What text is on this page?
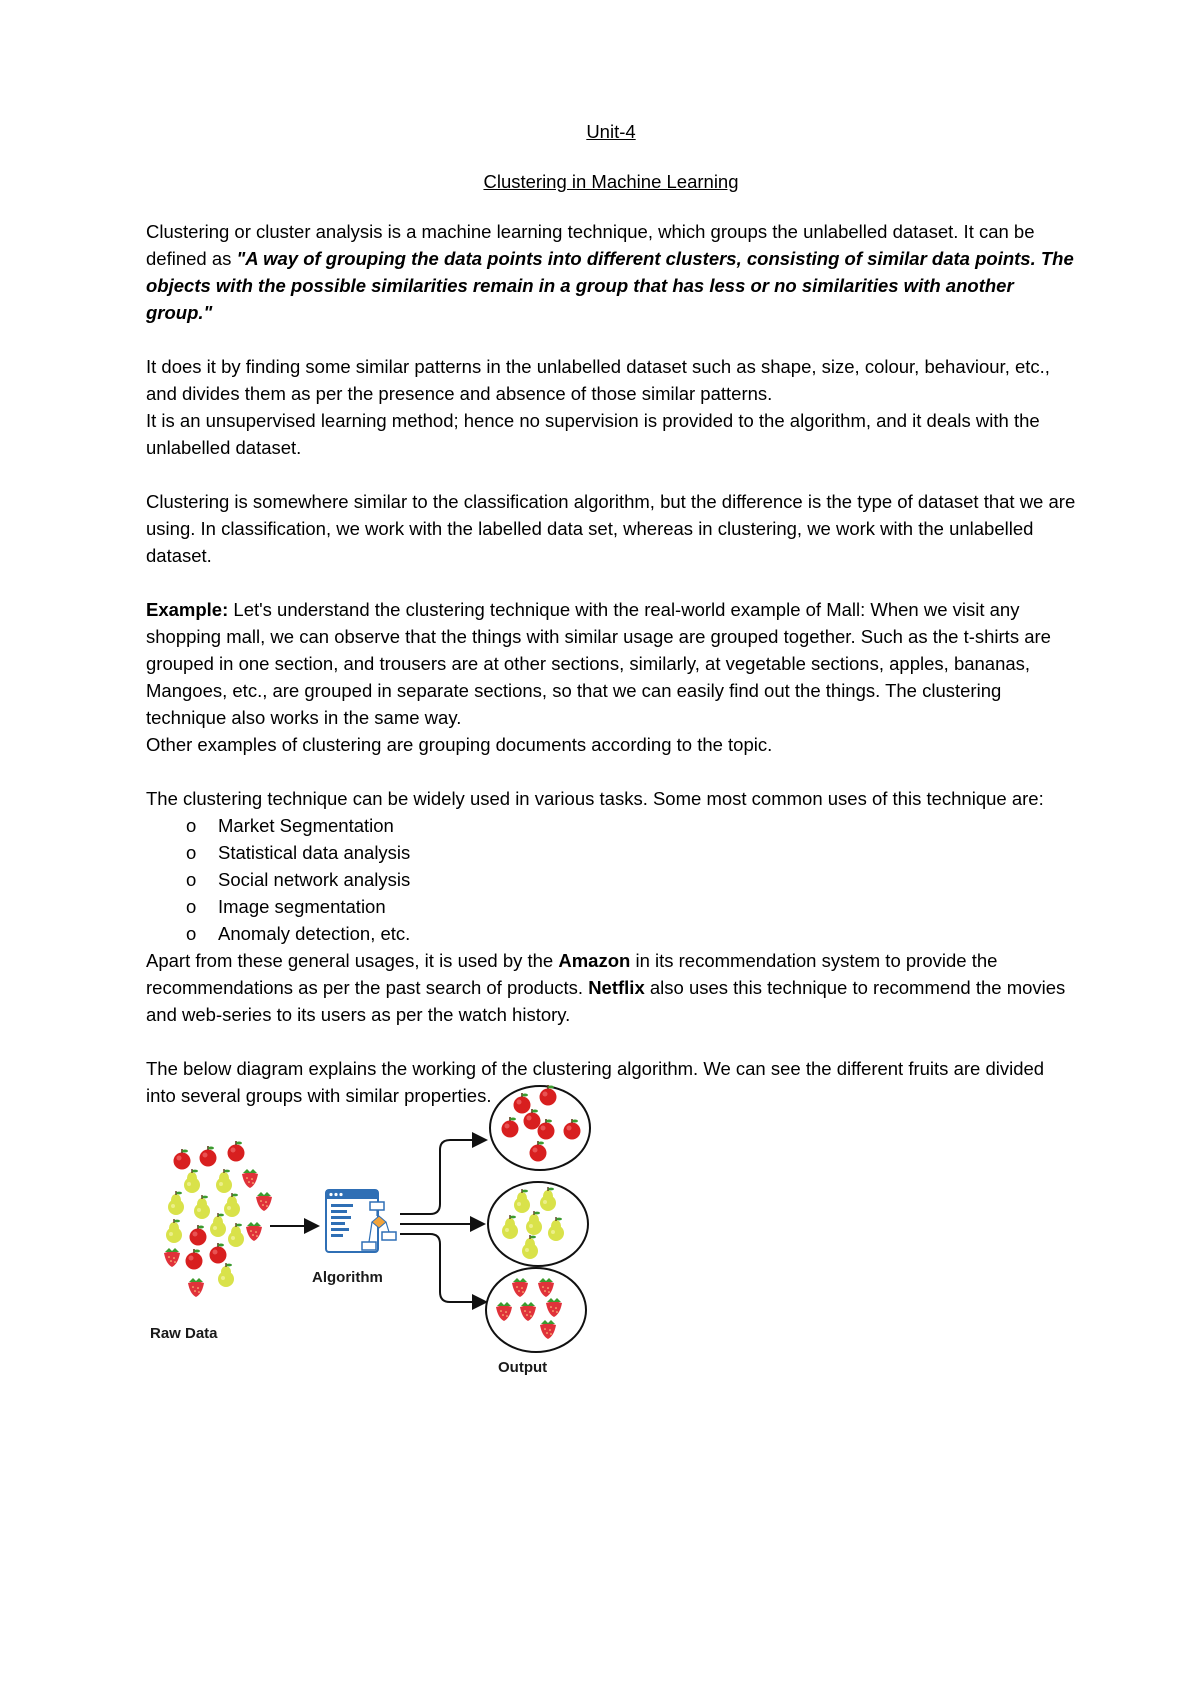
Unit-4
Clustering in Machine Learning

Clustering or cluster analysis is a machine learning technique, which groups the unlabelled dataset. It can be defined as "A way of grouping the data points into different clusters, consisting of similar data points. The objects with the possible similarities remain in a group that has less or no similarities with another group."

It does it by finding some similar patterns in the unlabelled dataset such as shape, size, colour, behaviour, etc., and divides them as per the presence and absence of those similar patterns.

It is an unsupervised learning method; hence no supervision is provided to the algorithm, and it deals with the unlabelled dataset.

Clustering is somewhere similar to the classification algorithm, but the difference is the type of dataset that we are using. In classification, we work with the labelled data set, whereas in clustering, we work with the unlabelled dataset.

Example: Let's understand the clustering technique with the real-world example of Mall: When we visit any shopping mall, we can observe that the things with similar usage are grouped together. Such as the t-shirts are grouped in one section, and trousers are at other sections, similarly, at vegetable sections, apples, bananas, Mangoes, etc., are grouped in separate sections, so that we can easily find out the things. The clustering technique also works in the same way.

Other examples of clustering are grouping documents according to the topic.

The clustering technique can be widely used in various tasks. Some most common uses of this technique are:

o Market Segmentation
o Statistical data analysis
o Social network analysis
o Image segmentation
o Anomaly detection, etc.

Apart from these general usages, it is used by the Amazon in its recommendation system to provide the recommendations as per the past search of products. Netflix also uses this technique to recommend the movies and web-series to its users as per the watch history.

The below diagram explains the working of the clustering algorithm. We can see the different fruits are divided into several groups with similar properties.

Raw Data
Algorithm
Output
